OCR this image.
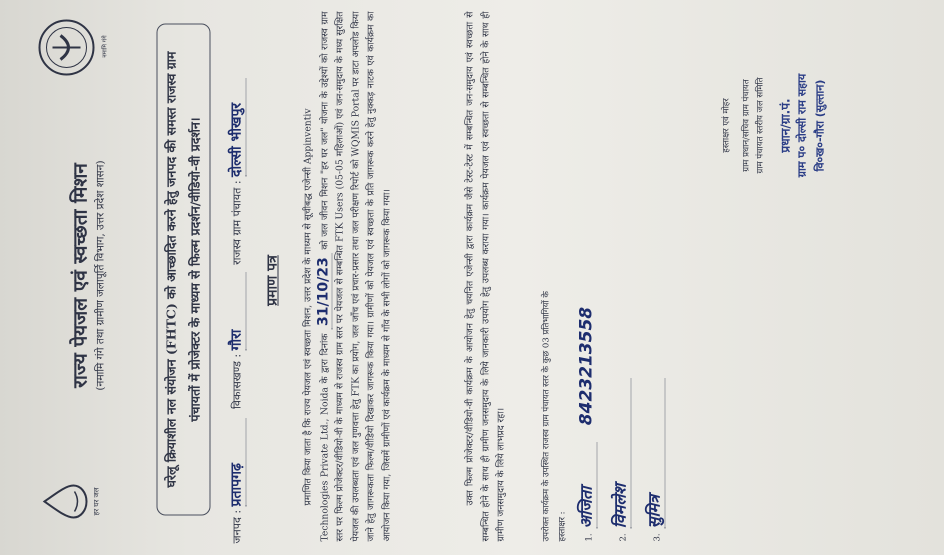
हर घर जल
नमामि गंगे
राज्य पेयजल एवं स्वच्छता मिशन (नमामि गंगे तथा ग्रामीण जलापूर्ति विभाग, उत्तर प्रदेश शासन)	घरेलू क्रियाशील नल संयोजन (FHTC) को आच्छादित करने हेतु जनपद की समस्त राजस्व ग्राम पंचायतों में प्रोजेक्टर के माध्यम से फिल्म प्रदर्शन/वीडियो-वी प्रदर्शन।
जनपद : प्रतापगढ़ विकासखण्ड : गौरा राजस्व ग्राम पंचायत : दोल्सी भीखपुर
प्रमाण पत्र प्रमाणित किया जाता है कि राज्य पेयजल एवं स्वच्छता मिशन, उत्तर प्रदेश के माध्यम से सूचीबद्ध एजेन्सी Appinventiv Technologies Private Ltd., Noida के द्वारा दिनांक 31/10/23 को जल जीवन मिशन "हर घर जल" योजना के उद्देश्यों को राजस्व ग्राम स्तर पर फिल्म प्रोजेक्टर/वीडियो-वी के माध्यम से राजस्व ग्राम स्तर पर पेयजल से सम्बन्धित FTK Users (05-05 महिलाओं) एवं जन-समुदाय के मध्य सुरक्षित पेयजल की उपलब्धता एवं जल गुणवत्ता हेतु FTK का प्रयोग, जल जाँच एवं प्रचार-प्रसार तथा जल परीक्षण रिपोर्ट को WQMIS Portal पर डाटा अपलोड किया जाने हेतु जागरूकता फिल्म/वीडियो दिखाकर जागरूक किया गया। ग्रामीणों को पेयजल एवं स्वच्छता के प्रति जागरूक करने हेतु नुक्कड़ नाटक एवं कार्यक्रम का आयोजन किया गया, जिसमें ग्रामीणों एवं कार्यक्रम के माध्यम से गाँव के सभी लोगों को जागरूक किया गया।	उक्त फिल्म प्रोजेक्टर/वीडियो-वी कार्यक्रम के आयोजन हेतु चयनित एजेन्सी द्वारा कार्यक्रम जैसे टेस्ट-टेस्ट में सम्बन्धित जन-समुदाय एवं स्वच्छता से सम्बन्धित होने के साथ ही ग्रामीण जनसमुदाय के लिये जानकारी उपयोग हेतु उपलब्ध कराया गया। कार्यक्रम पेयजल एवं स्वच्छता से सम्बन्धित होने के साथ ही ग्रामीण जनसमुदाय के लिये लाभप्रद रहा।	उपरोक्त कार्यक्रम के उपस्थित राजस्व ग्राम पंचायत स्तर के कुछ 03 प्रतिभागियों के हस्ताक्षर :	1. अजिता 8423213558
2. विमलेश
3. सुमित्र
हस्ताक्षर एवं मोहर ग्राम प्रधान/सचिव ग्राम पंचायत ग्राम पंचायत स्तरीय जल समिति प्रधान/ग्रा.पं. ग्राम प० दोल्सी राम सहाय वि०ख०-गौरा (सुल्तान)
